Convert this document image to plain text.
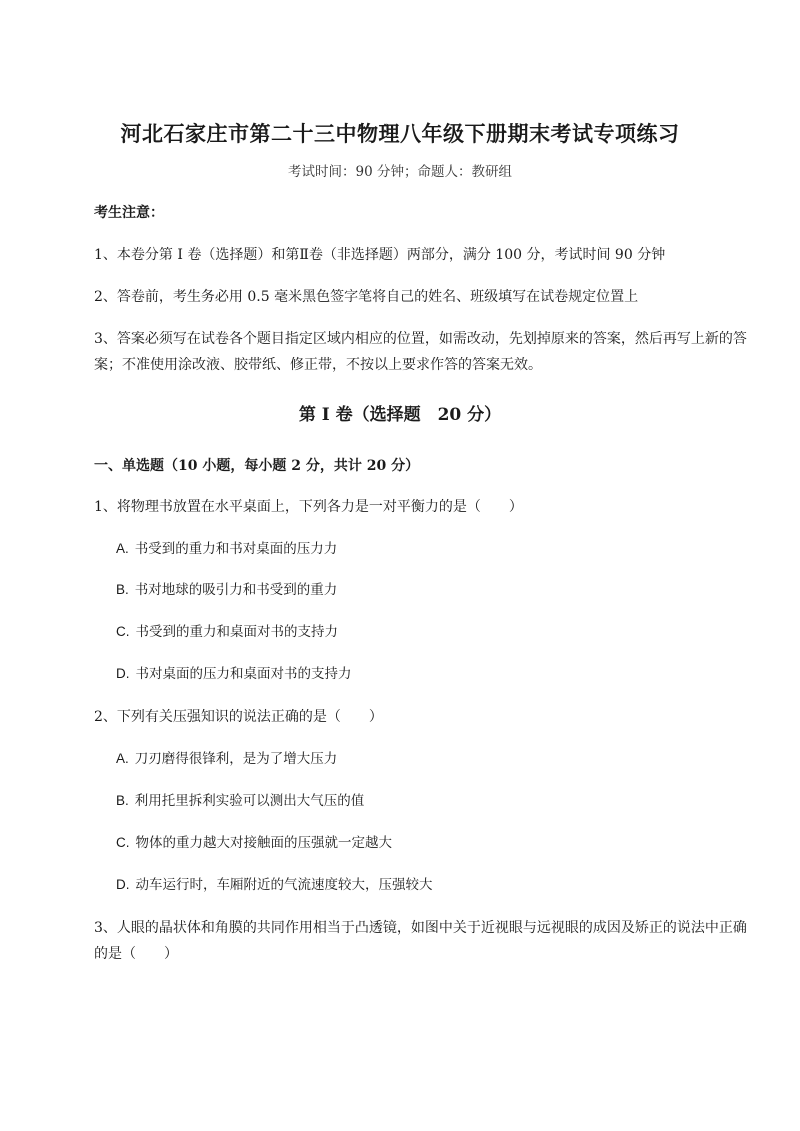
河北石家庄市第二十三中物理八年级下册期末考试专项练习
考试时间：90 分钟；命题人：教研组
考生注意：
1、本卷分第 I 卷（选择题）和第Ⅱ卷（非选择题）两部分，满分 100 分，考试时间 90 分钟
2、答卷前，考生务必用 0.5 毫米黑色签字笔将自己的姓名、班级填写在试卷规定位置上
3、答案必须写在试卷各个题目指定区域内相应的位置，如需改动，先划掉原来的答案，然后再写上新的答案；不准使用涂改液、胶带纸、修正带，不按以上要求作答的答案无效。
第 I 卷（选择题　20 分）
一、单选题（10 小题，每小题 2 分，共计 20 分）
1、将物理书放置在水平桌面上，下列各力是一对平衡力的是（　　）
A. 书受到的重力和书对桌面的压力力
B. 书对地球的吸引力和书受到的重力
C. 书受到的重力和桌面对书的支持力
D. 书对桌面的压力和桌面对书的支持力
2、下列有关压强知识的说法正确的是（　　）
A. 刀刃磨得很锋利，是为了增大压力
B. 利用托里拆利实验可以测出大气压的值
C. 物体的重力越大对接触面的压强就一定越大
D. 动车运行时，车厢附近的气流速度较大，压强较大
3、人眼的晶状体和角膜的共同作用相当于凸透镜，如图中关于近视眼与远视眼的成因及矫正的说法中正确的是（　　）
